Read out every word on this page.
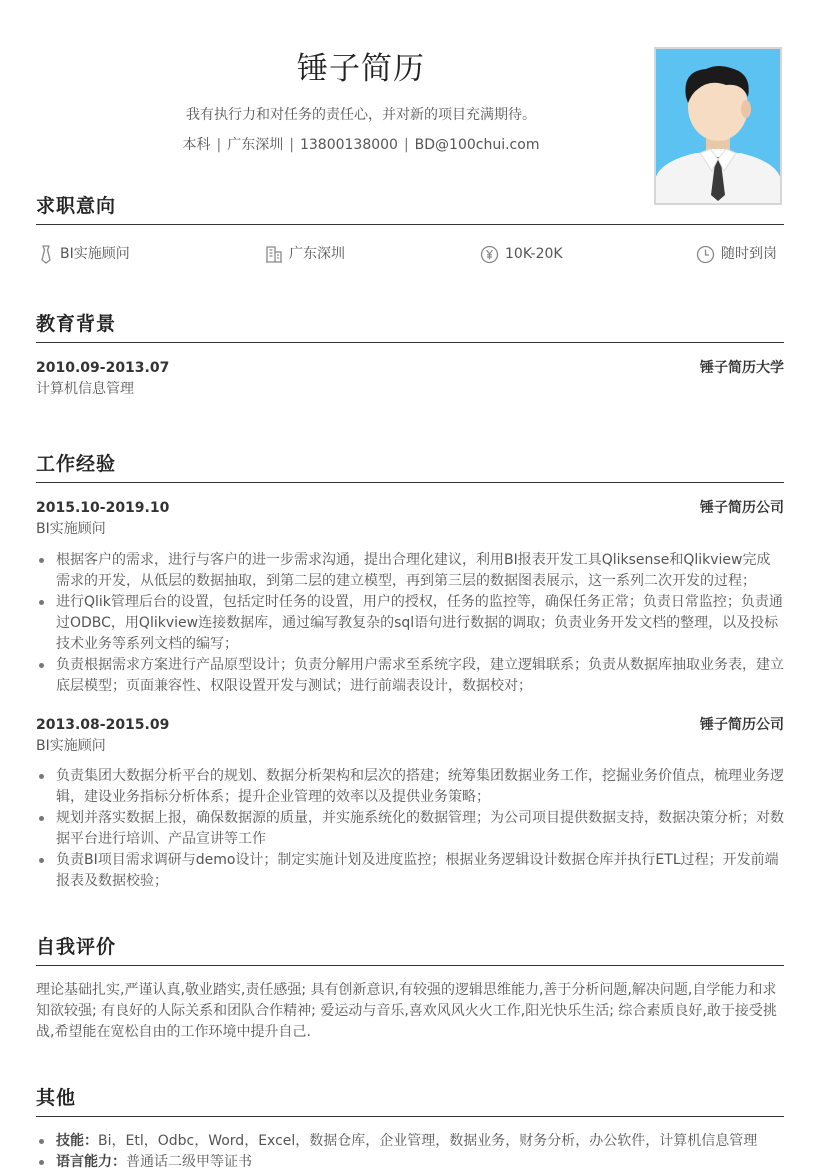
锤子简历
我有执行力和对任务的责任心，并对新的项目充满期待。
本科 | 广东深圳 | 13800138000 | BD@100chui.com
求职意向
BI实施顾问	广东深圳	10K-20K	随时到岗
教育背景
2010.09-2013.07	锤子简历大学
计算机信息管理
工作经验
2015.10-2019.10	锤子简历公司
BI实施顾问
根据客户的需求，进行与客户的进一步需求沟通，提出合理化建议，利用BI报表开发工具Qliksense和Qlikview完成需求的开发，从低层的数据抽取，到第二层的建立模型，再到第三层的数据图表展示，这一系列二次开发的过程；
进行Qlik管理后台的设置，包括定时任务的设置，用户的授权，任务的监控等，确保任务正常；负责日常监控；负责通过ODBC，用Qlikview连接数据库，通过编写教复杂的sql语句进行数据的调取；负责业务开发文档的整理，以及投标技术业务等系列文档的编写；
负责根据需求方案进行产品原型设计；负责分解用户需求至系统字段，建立逻辑联系；负责从数据库抽取业务表，建立底层模型；页面兼容性、权限设置开发与测试；进行前端表设计，数据校对；
2013.08-2015.09	锤子简历公司
BI实施顾问
负责集团大数据分析平台的规划、数据分析架构和层次的搭建；统筹集团数据业务工作，挖掘业务价值点，梳理业务逻辑，建设业务指标分析体系；提升企业管理的效率以及提供业务策略；
规划并落实数据上报，确保数据源的质量，并实施系统化的数据管理；为公司项目提供数据支持，数据决策分析；对数据平台进行培训、产品宣讲等工作
负责BI项目需求调研与demo设计；制定实施计划及进度监控；根据业务逻辑设计数据仓库并执行ETL过程；开发前端报表及数据校验；
自我评价
理论基础扎实,严谨认真,敬业踏实,责任感强; 具有创新意识,有较强的逻辑思维能力,善于分析问题,解决问题,自学能力和求知欲较强; 有良好的人际关系和团队合作精神; 爱运动与音乐,喜欢风风火火工作,阳光快乐生活; 综合素质良好,敢于接受挑战,希望能在宽松自由的工作环境中提升自己.
其他
技能：Bi，Etl，Odbc，Word，Excel，数据仓库，企业管理，数据业务，财务分析，办公软件，计算机信息管理
语言能力：普通话二级甲等证书
